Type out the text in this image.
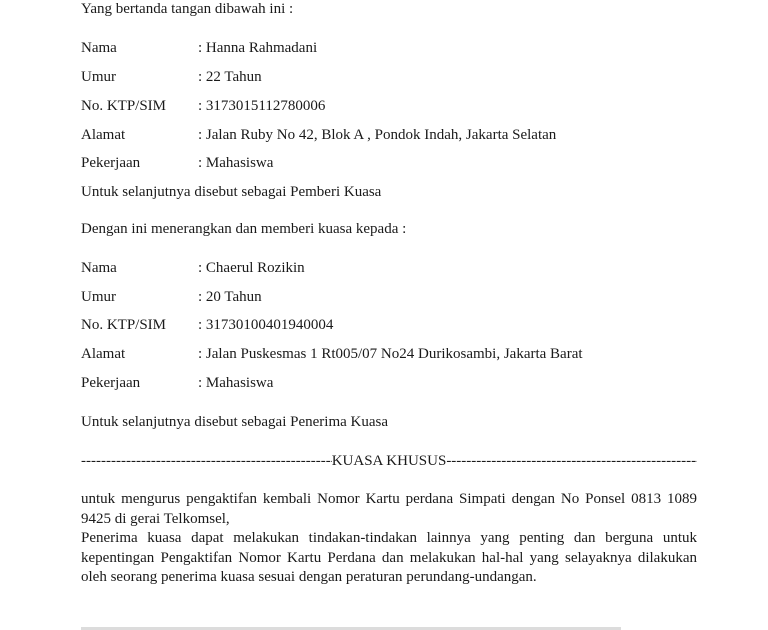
Yang bertanda tangan dibawah ini :
Nama	: Hanna Rahmadani
Umur	: 22 Tahun
No. KTP/SIM : 3173015112780006
Alamat	: Jalan Ruby No 42, Blok A , Pondok Indah, Jakarta Selatan
Pekerjaan	: Mahasiswa
Untuk selanjutnya disebut sebagai Pemberi Kuasa
Dengan ini menerangkan dan memberi kuasa kepada :
Nama	: Chaerul Rozikin
Umur	: 20 Tahun
No. KTP/SIM : 31730100401940004
Alamat	: Jalan Puskesmas 1 Rt005/07 No24 Durikosambi, Jakarta Barat
Pekerjaan	: Mahasiswa
Untuk selanjutnya disebut sebagai Penerima Kuasa
-----
KUASA KHUSUS
-----
untuk mengurus pengaktifan kembali Nomor Kartu perdana Simpati dengan No Ponsel 0813 1089 9425 di gerai Telkomsel,
Penerima kuasa dapat melakukan tindakan-tindakan lainnya yang penting dan berguna untuk kepentingan Pengaktifan Nomor Kartu Perdana dan melakukan hal-hal yang selayaknya dilakukan oleh seorang penerima kuasa sesuai dengan peraturan perundang-undangan.
